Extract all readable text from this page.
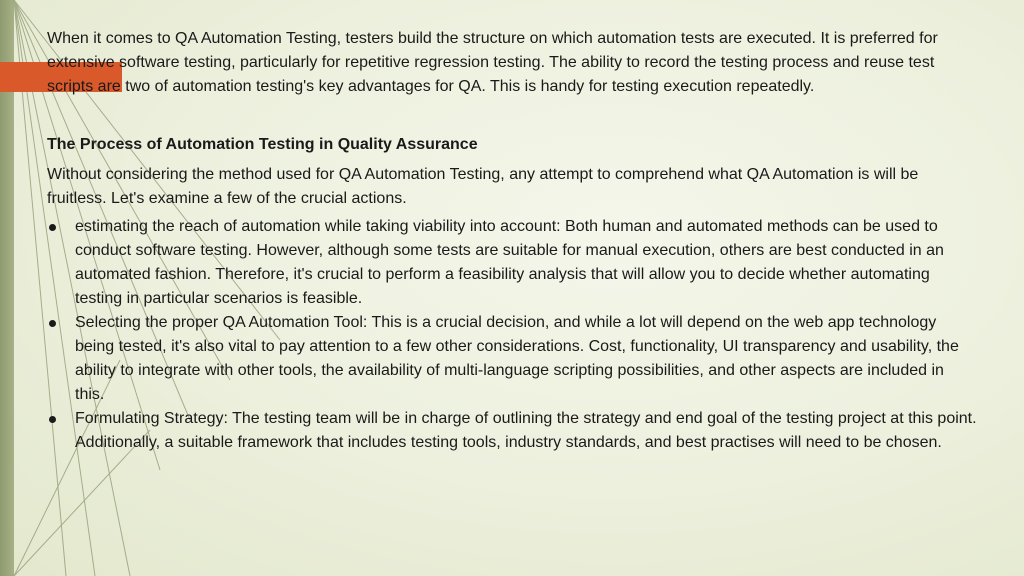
When it comes to QA Automation Testing, testers build the structure on which automation tests are executed. It is preferred for extensive software testing, particularly for repetitive regression testing. The ability to record the testing process and reuse test scripts are two of automation testing's key advantages for QA. This is handy for testing execution repeatedly.

The Process of Automation Testing in Quality Assurance

Without considering the method used for QA Automation Testing, any attempt to comprehend what QA Automation is will be fruitless. Let's examine a few of the crucial actions.

estimating the reach of automation while taking viability into account: Both human and automated methods can be used to conduct software testing. However, although some tests are suitable for manual execution, others are best conducted in an automated fashion. Therefore, it's crucial to perform a feasibility analysis that will allow you to decide whether automating testing in particular scenarios is feasible.
Selecting the proper QA Automation Tool: This is a crucial decision, and while a lot will depend on the web app technology being tested, it's also vital to pay attention to a few other considerations. Cost, functionality, UI transparency and usability, the ability to integrate with other tools, the availability of multi-language scripting possibilities, and other aspects are included in this.
Formulating Strategy: The testing team will be in charge of outlining the strategy and end goal of the testing project at this point. Additionally, a suitable framework that includes testing tools, industry standards, and best practises will need to be chosen.
